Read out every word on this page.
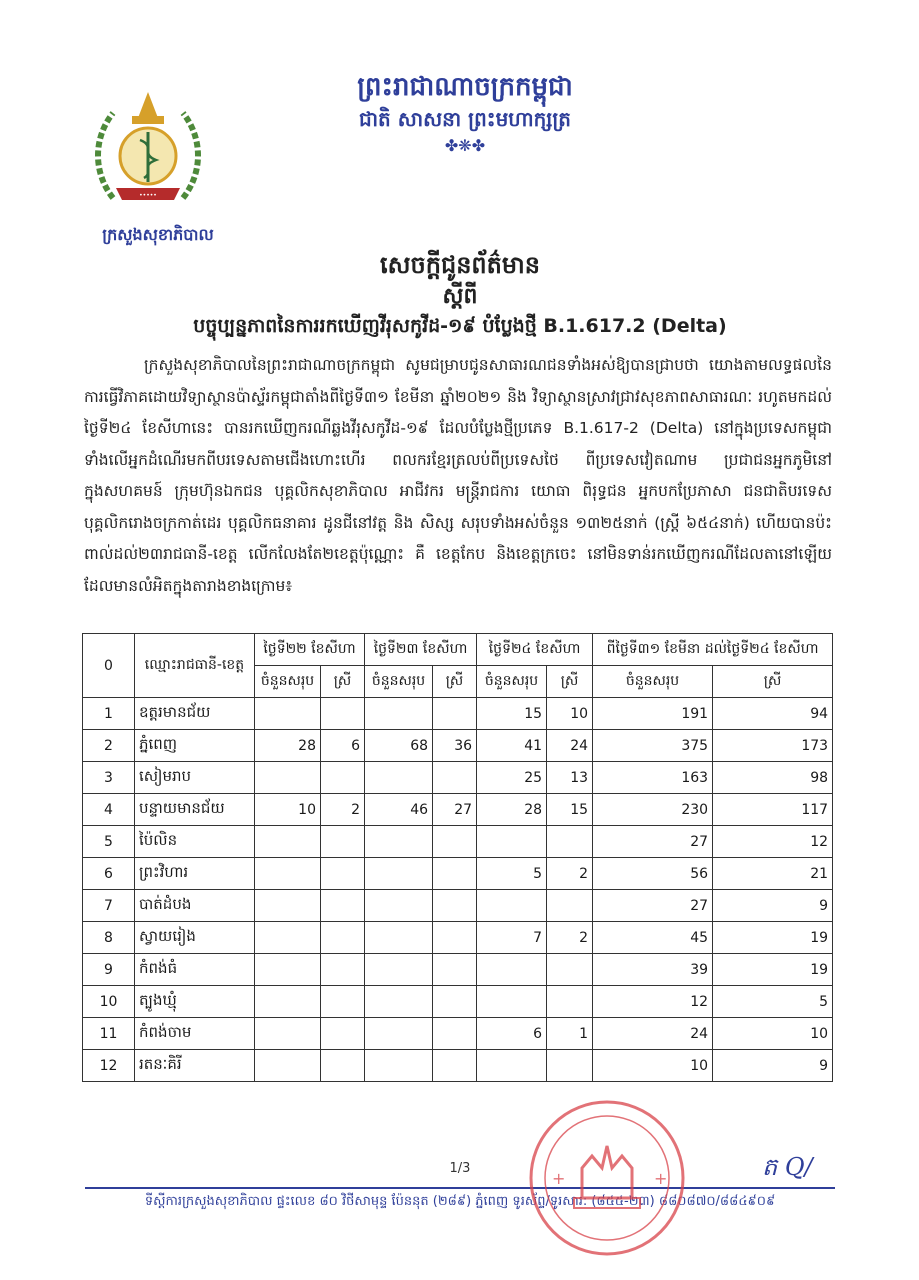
ព្រះរាជាណាចក្រកម្ពុជា
ជាតិ សាសនា ព្រះមហាក្សត្រ
✤❋✤
•••••
ក្រសួងសុខាភិបាល
សេចក្តីជូនព័ត៌មាន
ស្តីពី
បច្ចុប្បន្នភាពនៃការរកឃើញវីរុសកូវីដ-១៩ បំប្លែងថ្មី B.1.617.2 (Delta)
ក្រសួងសុខាភិបាលនៃព្រះរាជាណាចក្រកម្ពុជា សូមជម្រាបជូនសាធារណជនទាំងអស់ឱ្យបានជ្រាបថា យោងតាមលទ្ធផលនៃការធ្វើវិភាគដោយវិទ្យាស្ថានប៉ាស្ទ័រកម្ពុជាតាំងពីថ្ងៃទី៣១ ខែមីនា ឆ្នាំ២០២១ និង វិទ្យាស្ថានស្រាវជ្រាវសុខភាពសាធារណៈ រហូតមកដល់ថ្ងៃទី២៤ ខែសីហានេះ បានរកឃើញករណីឆ្លងវីរុសកូវីដ-១៩ ដែលបំប្លែងថ្មីប្រភេទ B.1.617-2 (Delta) នៅក្នុងប្រទេសកម្ពុជា ទាំងលើអ្នកដំណើរមកពីបរទេសតាមជើងហោះហើរ ពលករខ្មែរត្រលប់ពីប្រទេសថៃ ពីប្រទេសវៀតណាម ប្រជាជនអ្នកភូមិនៅក្នុងសហគមន៍ ក្រុមហ៊ុនឯកជន បុគ្គលិកសុខាភិបាល អាជីវករ មន្ត្រីរាជការ យោធា ពិរុទ្ធជន អ្នកបកប្រែភាសា ជនជាតិបរទេស បុគ្គលិករោងចក្រកាត់ដេរ បុគ្គលិកធនាគារ ដូនជីនៅវត្ត និង សិស្ស សរុបទាំងអស់ចំនួន ១៣២៥នាក់ (ស្ត្រី ៦៥៤នាក់) ហើយបានប៉ះពាល់ដល់២៣រាជធានី-ខេត្ត លើកលែងតែ២ខេត្តប៉ុណ្ណោះ គឺ ខេត្តកែប និងខេត្តក្រចេះ នៅមិនទាន់រកឃើញករណីដែលតានៅឡើយ ដែលមានលំអិតក្នុងតារាងខាងក្រោម៖
0	ឈ្មោះរាជធានី-ខេត្ត	ថ្ងៃទី២២ ខែសីហា		ថ្ងៃទី២៣ ខែសីហា		ថ្ងៃទី២៤ ខែសីហា		ពីថ្ងៃទី៣១ ខែមីនា ដល់ថ្ងៃទី២៤ ខែសីហា	
		ចំនួនសរុប	ស្រី	ចំនួនសរុប	ស្រី	ចំនួនសរុប	ស្រី	ចំនួនសរុប	ស្រី
1	ឧត្តរមានជ័យ					15	10	191	94
2	ភ្នំពេញ	28	6	68	36	41	24	375	173
3	សៀមរាប					25	13	163	98
4	បន្ទាយមានជ័យ	10	2	46	27	28	15	230	117
5	ប៉ៃលិន							27	12
6	ព្រះវិហារ					5	2	56	21
7	បាត់ដំបង							27	9
8	ស្វាយរៀង					7	2	45	19
9	កំពង់ធំ							39	19
10	ត្បូងឃ្មុំ							12	5
11	កំពង់ចាម					6	1	24	10
12	រតនៈគិរី							10	9
1/3	ត Q/
ទីស្តីការក្រសួងសុខាភិបាល ផ្ទះលេខ ៨០ វិថីសាមុន្ទ ប៉ែននុត (២៨៩) ភ្នំពេញ ទូរស័ព្ទ/ទូរសារ: (៨៥៥-២៣) ៨៨០៨៧០/៨៨៤៩០៩
+	+
